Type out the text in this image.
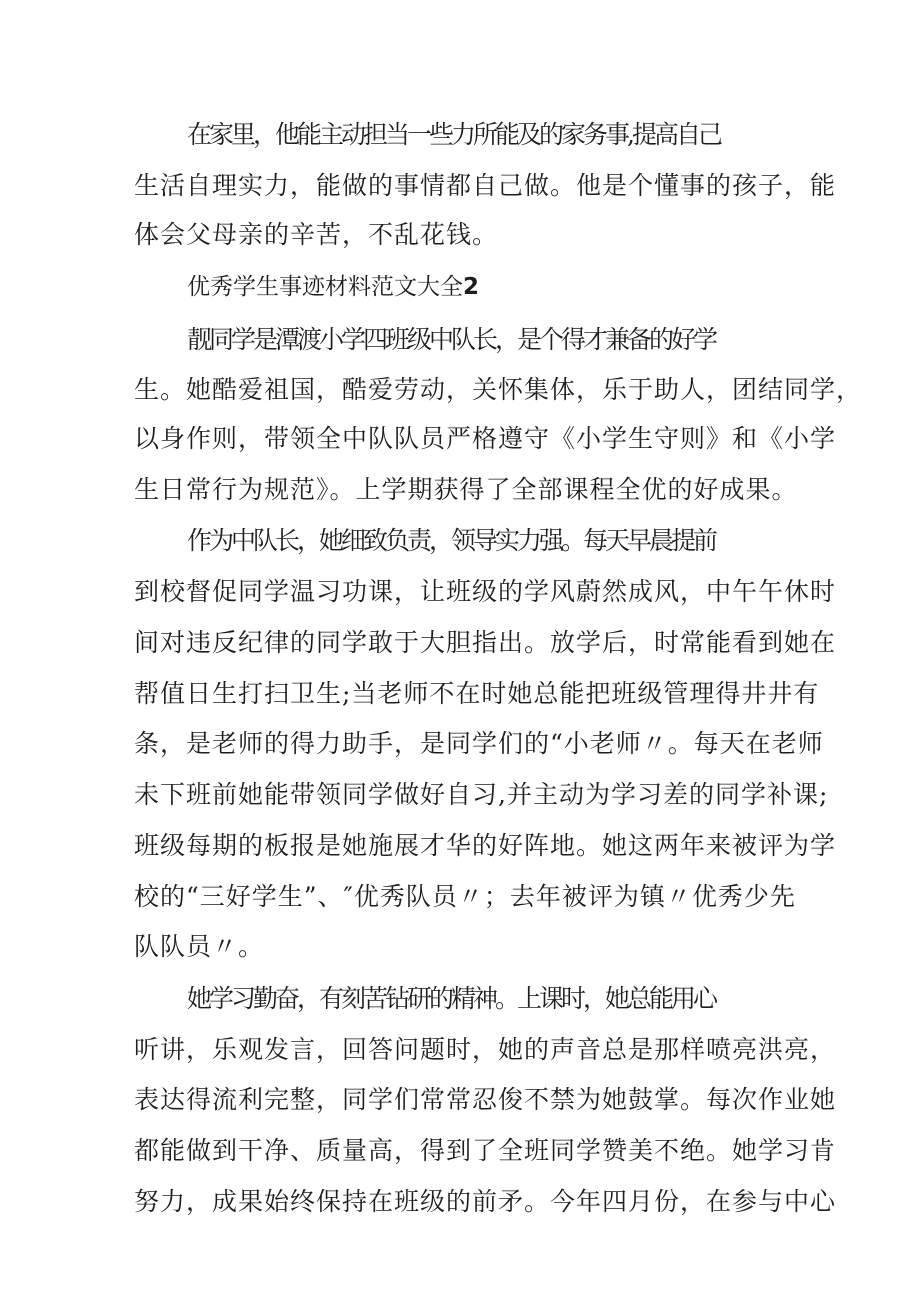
在家里，他能主动担当一些力所能及的家务事,提高自己
生活自理实力，能做的事情都自己做。他是个懂事的孩子，能
体会父母亲的辛苦，不乱花钱。
优秀学生事迹材料范文大全2
靓同学是潭渡小学四班级中队长，是个得才兼备的好学
生。她酷爱祖国，酷爱劳动，关怀集体，乐于助人，团结同学，
以身作则，带领全中队队员严格遵守《小学生守则》和《小学
生日常行为规范》。上学期获得了全部课程全优的好成果。
作为中队长，她细致负责，领导实力强。每天早晨提前
到校督促同学温习功课，让班级的学风蔚然成风，中午午休时
间对违反纪律的同学敢于大胆指出。放学后，时常能看到她在
帮值日生打扫卫生;当老师不在时她总能把班级管理得井井有
条，是老师的得力助手，是同学们的“小老师〃。每天在老师
未下班前她能带领同学做好自习,并主动为学习差的同学补课;
班级每期的板报是她施展才华的好阵地。她这两年来被评为学
校的“三好学生”、″优秀队员〃；去年被评为镇〃优秀少先
队队员〃。
她学习勤奋，有刻苦钻研的精神。上课时，她总能用心
听讲，乐观发言，回答问题时，她的声音总是那样喷亮洪亮，
表达得流利完整，同学们常常忍俊不禁为她鼓掌。每次作业她
都能做到干净、质量高，得到了全班同学赞美不绝。她学习肯
努力，成果始终保持在班级的前矛。今年四月份，在参与中心
